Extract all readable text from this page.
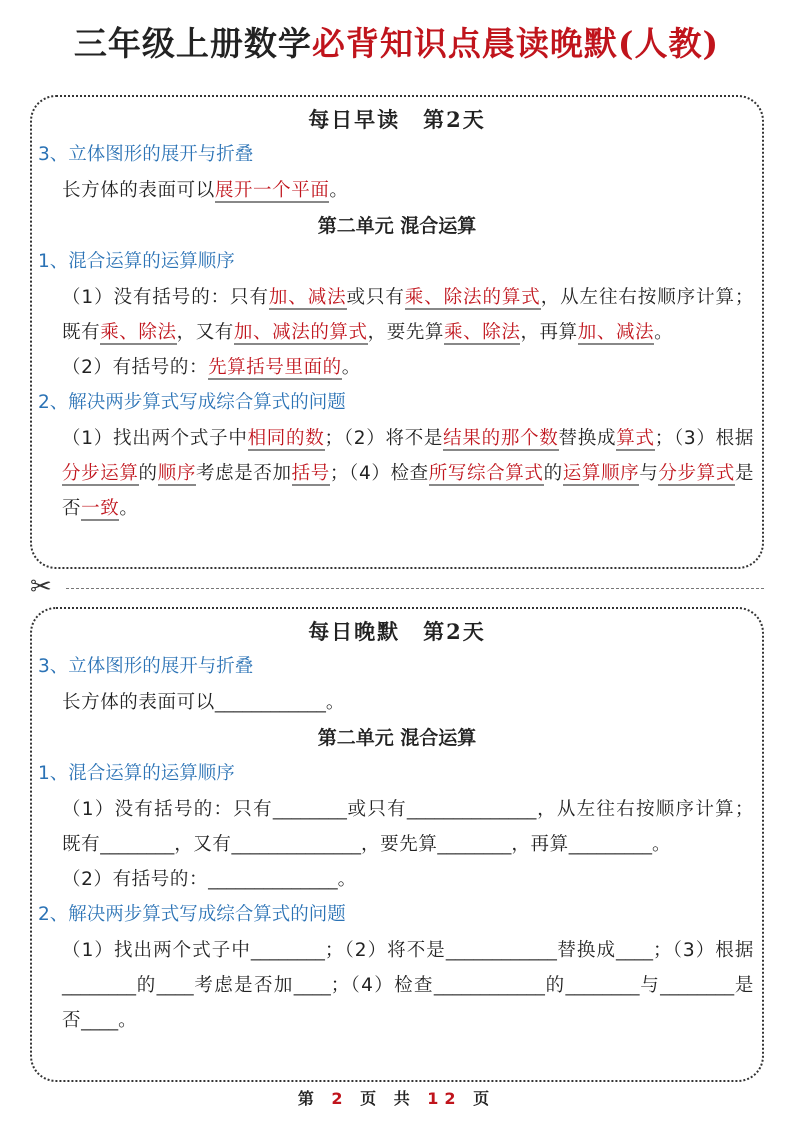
三年级上册数学必背知识点晨读晚默(人教)
每日早读　第2天
3、立体图形的展开与折叠
长方体的表面可以展开一个平面。
第二单元 混合运算
1、混合运算的运算顺序
（1）没有括号的：只有加、减法或只有乘、除法的算式，从左往右按顺序计算；既有乘、除法，又有加、减法的算式，要先算乘、除法，再算加、减法。
（2）有括号的：先算括号里面的。
2、解决两步算式写成综合算式的问题
（1）找出两个式子中相同的数；（2）将不是结果的那个数替换成算式；（3）根据分步运算的顺序考虑是否加括号；（4）检查所写综合算式的运算顺序与分步算式是否一致。
✂
每日晚默　第2天
3、立体图形的展开与折叠
长方体的表面可以____________。
第二单元 混合运算
1、混合运算的运算顺序
（1）没有括号的：只有________或只有______________，从左往右按顺序计算；既有________，又有______________，要先算________，再算_________。
（2）有括号的：______________。
2、解决两步算式写成综合算式的问题
（1）找出两个式子中________；（2）将不是____________替换成____；（3）根据________的____考虑是否加____；（4）检查____________的________与________是否____。
第 2 页 共 12 页
